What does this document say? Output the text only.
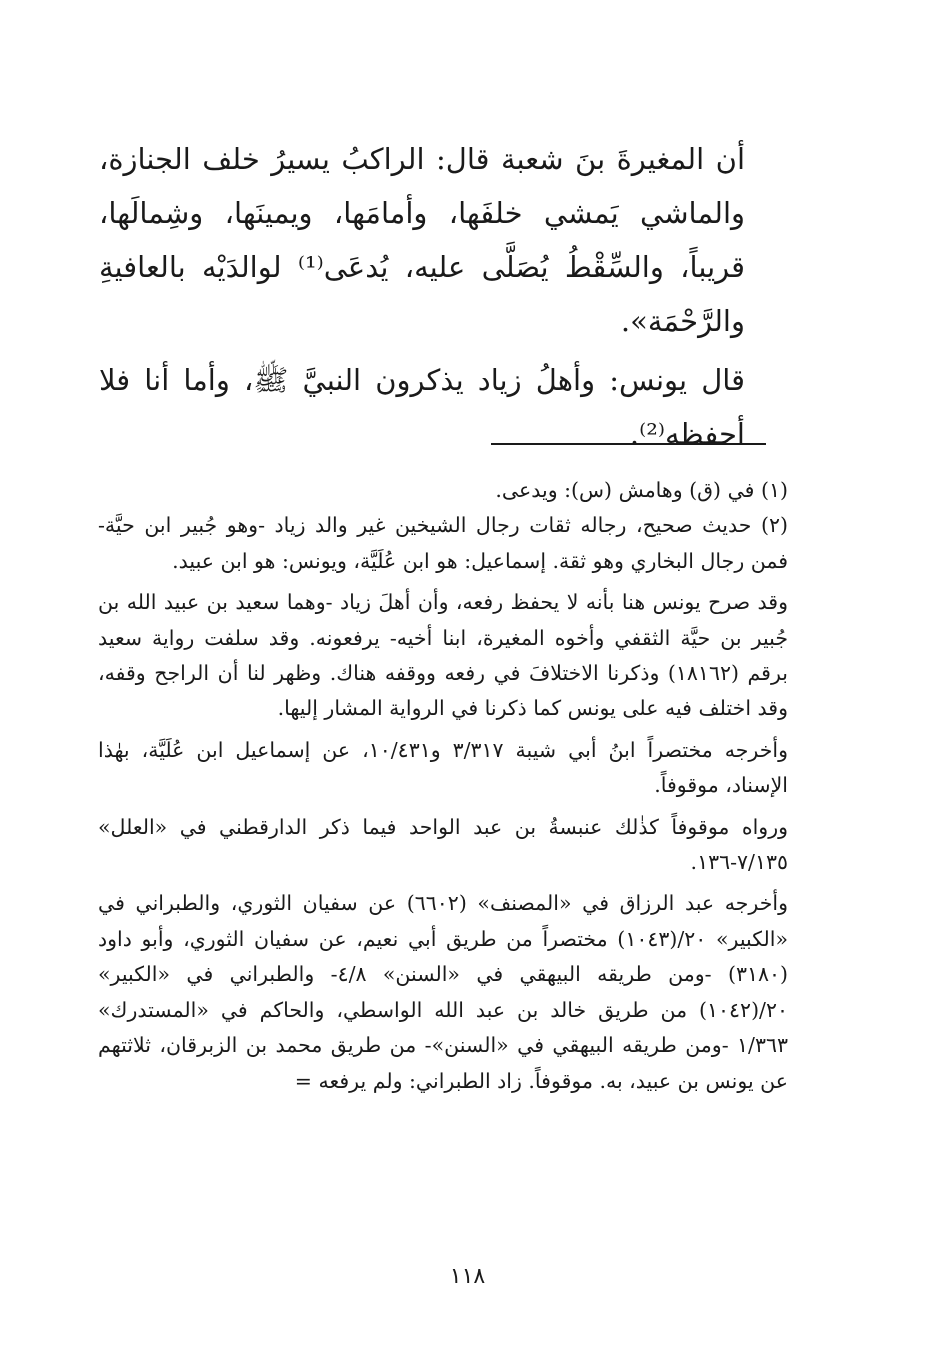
أن المغيرةَ بنَ شعبة قال: الراكبُ يسيرُ خلف الجنازة، والماشي يَمشي خلفَها، وأمامَها، ويمينَها، وشِمالَها، قريباً، والسِّقْطُ يُصَلَّى عليه، يُدعَى⁽¹⁾ لوالدَيْه بالعافيةِ والرَّحْمَة».

قال يونس: وأهلُ زياد يذكرون النبيَّ ﷺ، وأما أنا فلا أحفظه⁽²⁾.

(١) في (ق) وهامش (س): ويدعى.

(٢) حديث صحيح، رجاله ثقات رجال الشيخين غير والد زياد -وهو جُبير ابن حيَّة- فمن رجال البخاري وهو ثقة. إسماعيل: هو ابن عُلَيَّة، ويونس: هو ابن عبيد.

وقد صرح يونس هنا بأنه لا يحفظ رفعه، وأن أهلَ زياد -وهما سعيد بن عبيد الله بن جُبير بن حيَّة الثقفي وأخوه المغيرة، ابنا أخيه- يرفعونه. وقد سلفت رواية سعيد برقم (١٨١٦٢) وذكرنا الاختلافَ في رفعه ووقفه هناك. وظهر لنا أن الراجح وقفه، وقد اختلف فيه على يونس كما ذكرنا في الرواية المشار إليها.

وأخرجه مختصراً ابنُ أبي شيبة ٣/٣١٧ و١٠/٤٣١، عن إسماعيل ابن عُلَيَّة، بهٰذا الإسناد، موقوفاً.

ورواه موقوفاً كذٰلك عنبسةُ بن عبد الواحد فيما ذكر الدارقطني في «العلل» ٧/١٣٥-١٣٦.

وأخرجه عبد الرزاق في «المصنف» (٦٦٠٢) عن سفيان الثوري، والطبراني في «الكبير» ٢٠/(١٠٤٣) مختصراً من طريق أبي نعيم، عن سفيان الثوري، وأبو داود (٣١٨٠) -ومن طريقه البيهقي في «السنن» ٤/٨- والطبراني في «الكبير» ٢٠/(١٠٤٢) من طريق خالد بن عبد الله الواسطي، والحاكم في «المستدرك» ١/٣٦٣ -ومن طريقه البيهقي في «السنن»- من طريق محمد بن الزبرقان، ثلاثتهم عن يونس بن عبيد، به. موقوفاً. زاد الطبراني: ولم يرفعه =

١١٨
